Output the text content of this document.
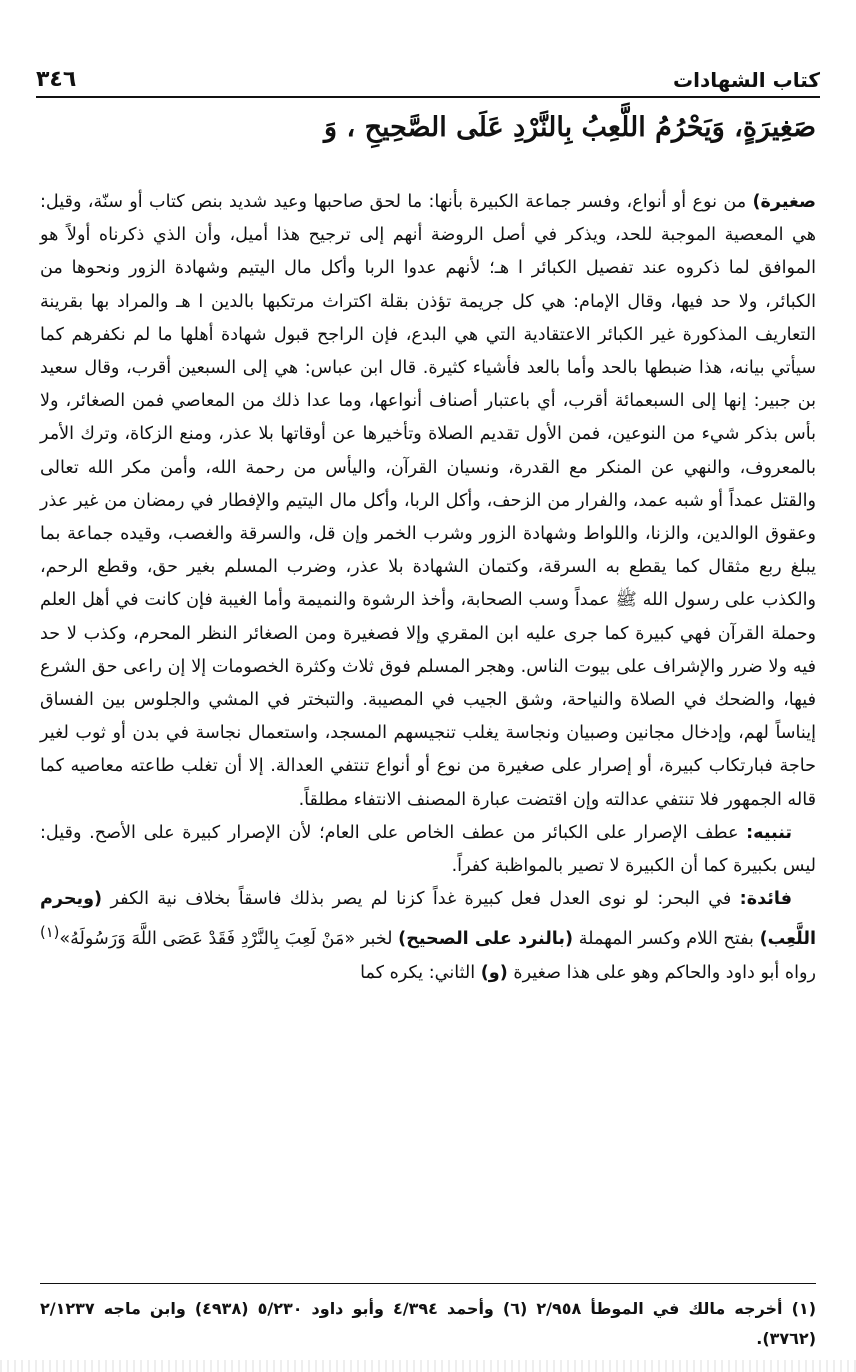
٣٤٦	كتاب الشهادات
صَغِيرَةٍ، وَيَحْرُمُ اللَّعِبُ بِالنَّرْدِ عَلَى الصَّحِيحِ ، وَ

صغيرة) من نوع أو أنواع، وفسر جماعة الكبيرة بأنها: ما لحق صاحبها وعيد شديد بنص كتاب أو سنّة، وقيل: هي المعصية الموجبة للحد، ويذكر في أصل الروضة أنهم إلى ترجيح هذا أميل، وأن الذي ذكرناه أولاً هو الموافق لما ذكروه عند تفصيل الكبائر ا هـ؛ لأنهم عدوا الربا وأكل مال اليتيم وشهادة الزور ونحوها من الكبائر، ولا حد فيها، وقال الإمام: هي كل جريمة تؤذن بقلة اكتراث مرتكبها بالدين ا هـ والمراد بها بقرينة التعاريف المذكورة غير الكبائر الاعتقادية التي هي البدع، فإن الراجح قبول شهادة أهلها ما لم نكفرهم كما سيأتي بيانه، هذا ضبطها بالحد وأما بالعد فأشياء كثيرة. قال ابن عباس: هي إلى السبعين أقرب، وقال سعيد بن جبير: إنها إلى السبعمائة أقرب، أي باعتبار أصناف أنواعها، وما عدا ذلك من المعاصي فمن الصغائر، ولا بأس بذكر شيء من النوعين، فمن الأول تقديم الصلاة وتأخيرها عن أوقاتها بلا عذر، ومنع الزكاة، وترك الأمر بالمعروف، والنهي عن المنكر مع القدرة، ونسيان القرآن، واليأس من رحمة الله، وأمن مكر الله تعالى والقتل عمداً أو شبه عمد، والفرار من الزحف، وأكل الربا، وأكل مال اليتيم والإفطار في رمضان من غير عذر وعقوق الوالدين، والزنا، واللواط وشهادة الزور وشرب الخمر وإن قل، والسرقة والغصب، وقيده جماعة بما يبلغ ربع مثقال كما يقطع به السرقة، وكتمان الشهادة بلا عذر، وضرب المسلم بغير حق، وقطع الرحم، والكذب على رسول الله ﷺ عمداً وسب الصحابة، وأخذ الرشوة والنميمة وأما الغيبة فإن كانت في أهل العلم وحملة القرآن فهي كبيرة كما جرى عليه ابن المقري وإلا فصغيرة ومن الصغائر النظر المحرم، وكذب لا حد فيه ولا ضرر والإشراف على بيوت الناس. وهجر المسلم فوق ثلاث وكثرة الخصومات إلا إن راعى حق الشرع فيها، والضحك في الصلاة والنياحة، وشق الجيب في المصيبة. والتبختر في المشي والجلوس بين الفساق إيناساً لهم، وإدخال مجانين وصبيان ونجاسة يغلب تنجيسهم المسجد، واستعمال نجاسة في بدن أو ثوب لغير حاجة فبارتكاب كبيرة، أو إصرار على صغيرة من نوع أو أنواع تنتفي العدالة. إلا أن تغلب طاعته معاصيه كما قاله الجمهور فلا تنتفي عدالته وإن اقتضت عبارة المصنف الانتفاء مطلقاً.

تنبيه: عطف الإصرار على الكبائر من عطف الخاص على العام؛ لأن الإصرار كبيرة على الأصح. وقيل: ليس بكبيرة كما أن الكبيرة لا تصير بالمواظبة كفراً.

فائدة: في البحر: لو نوى العدل فعل كبيرة غداً كزنا لم يصر بذلك فاسقاً بخلاف نية الكفر (ويحرم اللَّعِب) بفتح اللام وكسر المهملة (بالنرد على الصحيح) لخبر «مَنْ لَعِبَ بِالنَّرْدِ فَقَدْ عَصَى اللَّهَ وَرَسُولَهُ»$^{(١)}$ رواه أبو داود والحاكم وهو على هذا صغيرة (و) الثاني: يكره كما

(١) أخرجه مالك في الموطأ ٢/٩٥٨ (٦) وأحمد ٤/٣٩٤ وأبو داود ٥/٢٣٠ (٤٩٣٨) وابن ماجه ٢/١٢٣٧ (٣٧٦٢).
